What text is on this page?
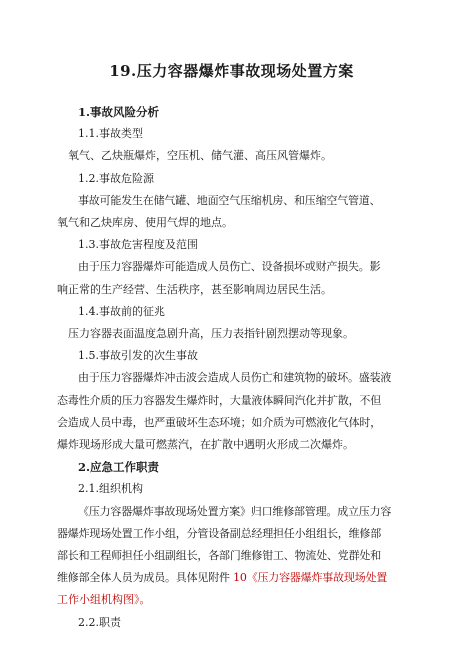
19.压力容器爆炸事故现场处置方案

1.事故风险分析

1.1.事故类型

氧气、乙炔瓶爆炸，空压机、储气灌、高压风管爆炸。

1.2.事故危险源

事故可能发生在储气罐、地面空气压缩机房、和压缩空气管道、

氧气和乙炔库房、使用气焊的地点。

1.3.事故危害程度及范围

由于压力容器爆炸可能造成人员伤亡、设备损坏或财产损失。影

响正常的生产经营、生活秩序，甚至影响周边居民生活。

1.4.事故前的征兆

压力容器表面温度急剧升高，压力表指针剧烈摆动等现象。

1.5.事故引发的次生事故

由于压力容器爆炸冲击波会造成人员伤亡和建筑物的破坏。盛装液

态毒性介质的压力容器发生爆炸时，大量液体瞬间汽化并扩散，不但

会造成人员中毒，也严重破坏生态环境；如介质为可燃液化气体时，

爆炸现场形成大量可燃蒸汽，在扩散中遇明火形成二次爆炸。

2.应急工作职责

2.1.组织机构

《压力容器爆炸事故现场处置方案》归口维修部管理。成立压力容

器爆炸现场处置工作小组，分管设备副总经理担任小组组长，维修部

部长和工程师担任小组副组长，各部门维修钳工、物流处、党群处和

维修部全体人员为成员。具体见附件 10《压力容器爆炸事故现场处置

工作小组机构图》。

2.2.职责
